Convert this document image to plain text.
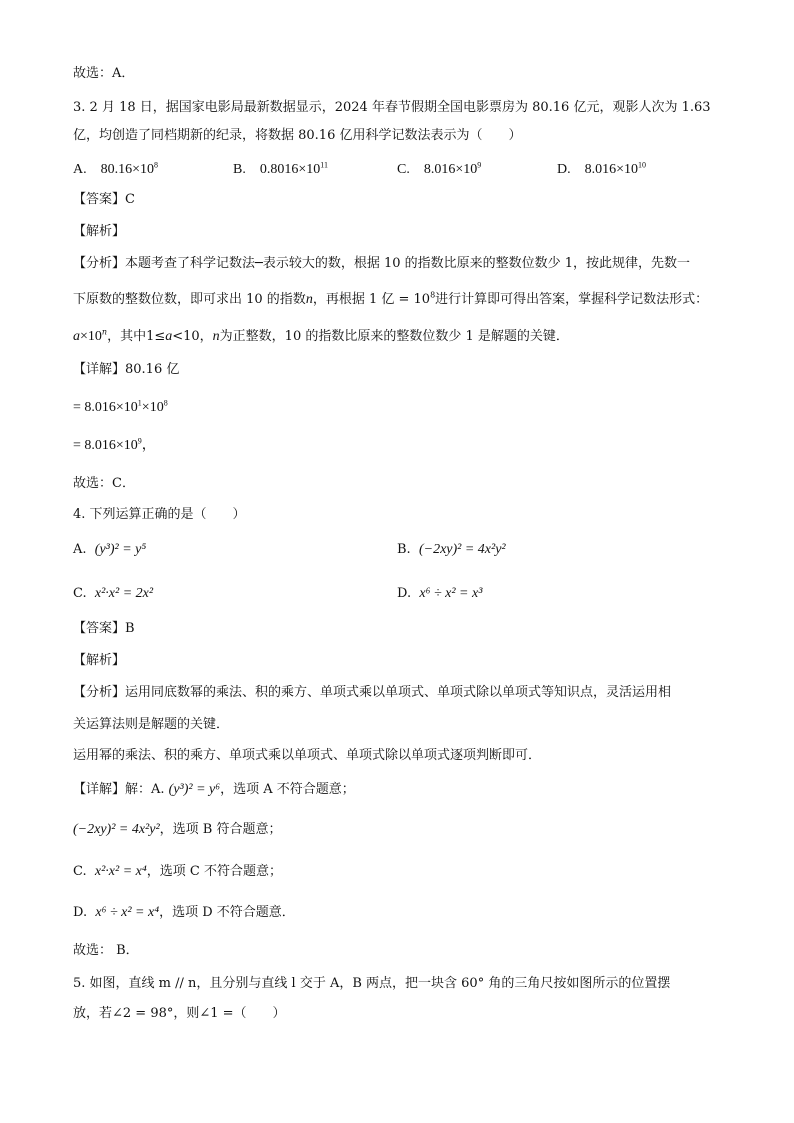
故选：A．
3. 2 月 18 日，据国家电影局最新数据显示，2024 年春节假期全国电影票房为 80.16 亿元，观影人次为 1.63
亿，均创造了同档期新的纪录，将数据 80.16 亿用科学记数法表示为（　　）
A.　$80.16\times 10^8$	B.　$0.8016\times 10^{11}$	C.　$8.016\times 10^9$	D.　$8.016\times 10^{10}$
【答案】C
【解析】
【分析】本题考查了科学记数法─表示较大的数，根据 10 的指数比原来的整数位数少 1，按此规律，先数一
下原数的整数位数，即可求出 10 的指数n，再根据 1 亿 = $10^8$进行计算即可得出答案，掌握科学记数法形式：
$a\times 10^n$，其中1≤a<10，n为正整数，10 的指数比原来的整数位数少 1 是解题的关键．
【详解】80.16 亿
= $8.016\times 10^1\times 10^8$
= $8.016\times 10^9$，
故选：C．
4. 下列运算正确的是（　　）
A. (y³)² = y⁵	B. (−2xy)² = 4x²y²
C. x²·x² = 2x²	D. x⁶ ÷ x² = x³
【答案】B
【解析】
【分析】运用同底数幂的乘法、积的乘方、单项式乘以单项式、单项式除以单项式等知识点，灵活运用相
关运算法则是解题的关键．
运用幂的乘法、积的乘方、单项式乘以单项式、单项式除以单项式逐项判断即可．
【详解】解：A. (y³)² = y⁶，选项 A 不符合题意；
(−2xy)² = 4x²y²，选项 B 符合题意；
C. x²·x² = x⁴，选项 C 不符合题意；
D. x⁶ ÷ x² = x⁴，选项 D 不符合题意．
故选： B．
5. 如图，直线 m // n，且分别与直线 l 交于 A，B 两点，把一块含 60° 角的三角尺按如图所示的位置摆
放，若∠2 = 98°，则∠1 =（　　）
